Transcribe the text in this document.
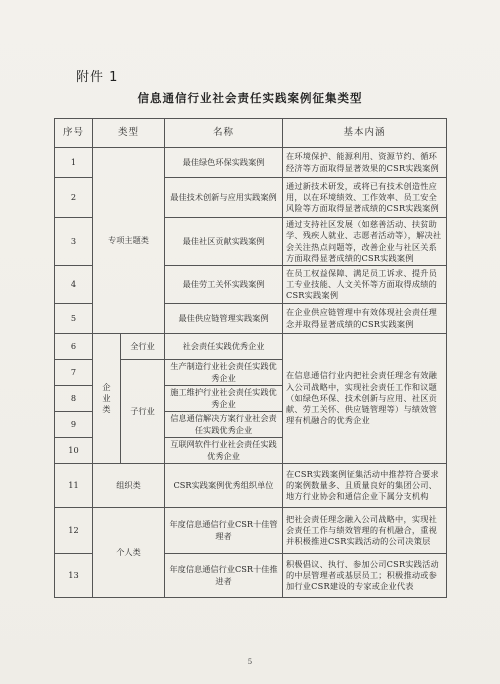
附件 1
信息通信行业社会责任实践案例征集类型
序号	类型		名称	基本内涵
1	专项主题类		最佳绿色环保实践案例	在环境保护、能源利用、资源节约、循环经济等方面取得显著效果的CSR实践案例
2			最佳技术创新与应用实践案例	通过新技术研发，或将已有技术创造性应用，以在环境绩效、工作效率、员工安全风险等方面取得显著成绩的CSR实践案例
3			最佳社区贡献实践案例	通过支持社区发展（如慈善活动、扶贫助学、残疾人就业、志愿者活动等），解决社会关注热点问题等，改善企业与社区关系方面取得显著成绩的CSR实践案例
4			最佳劳工关怀实践案例	在员工权益保障、满足员工诉求、提升员工专业技能、人文关怀等方面取得成绩的CSR实践案例
5			最佳供应链管理实践案例	在企业供应链管理中有效体现社会责任理念并取得显著成绩的CSR实践案例
6	企业类	全行业	社会责任实践优秀企业	在信息通信行业内把社会责任理念有效融入公司战略中，实现社会责任工作和议题（如绿色环保、技术创新与应用、社区贡献、劳工关怀、供应链管理等）与绩效管理有机融合的优秀企业
7		子行业	生产制造行业社会责任实践优秀企业	
8			施工维护行业社会责任实践优秀企业	
9			信息通信解决方案行业社会责任实践优秀企业	
10			互联网软件行业社会责任实践优秀企业	
11	组织类		CSR实践案例优秀组织单位	在CSR实践案例征集活动中推荐符合要求的案例数量多、且质量良好的集团公司、地方行业协会和通信企业下属分支机构
12	个人类		年度信息通信行业CSR十佳管理者	把社会责任理念融入公司战略中，实现社会责任工作与绩效管理的有机融合，重视并积极推进CSR实践活动的公司决策层
13			年度信息通信行业CSR十佳推进者	积极倡议、执行、参加公司CSR实践活动的中层管理者或基层员工；积极推动或参加行业CSR建设的专家或企业代表
5
